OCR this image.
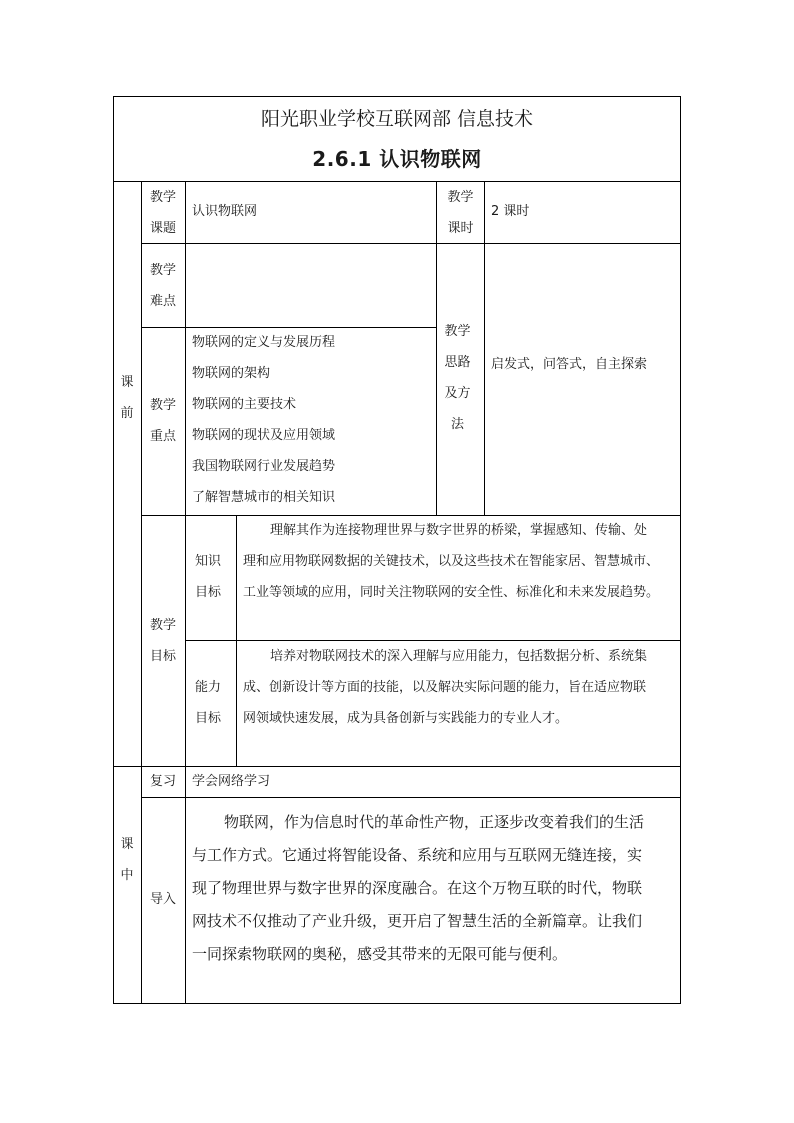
阳光职业学校互联网部 信息技术
2.6.1 认识物联网
课
前
课
中
教学
课题
认识物联网
教学
课时
2 课时
教学
难点
教学
重点
物联网的定义与发展历程
物联网的架构
物联网的主要技术
物联网的现状及应用领域
我国物联网行业发展趋势
了解智慧城市的相关知识
教学
思路
及方
法
启发式，问答式，自主探索
教学
目标
知识
目标
理解其作为连接物理世界与数字世界的桥梁，掌握感知、传输、处
理和应用物联网数据的关键技术，以及这些技术在智能家居、智慧城市、
工业等领域的应用，同时关注物联网的安全性、标准化和未来发展趋势。
能力
目标
培养对物联网技术的深入理解与应用能力，包括数据分析、系统集
成、创新设计等方面的技能，以及解决实际问题的能力，旨在适应物联
网领域快速发展，成为具备创新与实践能力的专业人才。
复习	学会网络学习
导入
物联网，作为信息时代的革命性产物，正逐步改变着我们的生活
与工作方式。它通过将智能设备、系统和应用与互联网无缝连接，实
现了物理世界与数字世界的深度融合。在这个万物互联的时代，物联
网技术不仅推动了产业升级，更开启了智慧生活的全新篇章。让我们
一同探索物联网的奥秘，感受其带来的无限可能与便利。
